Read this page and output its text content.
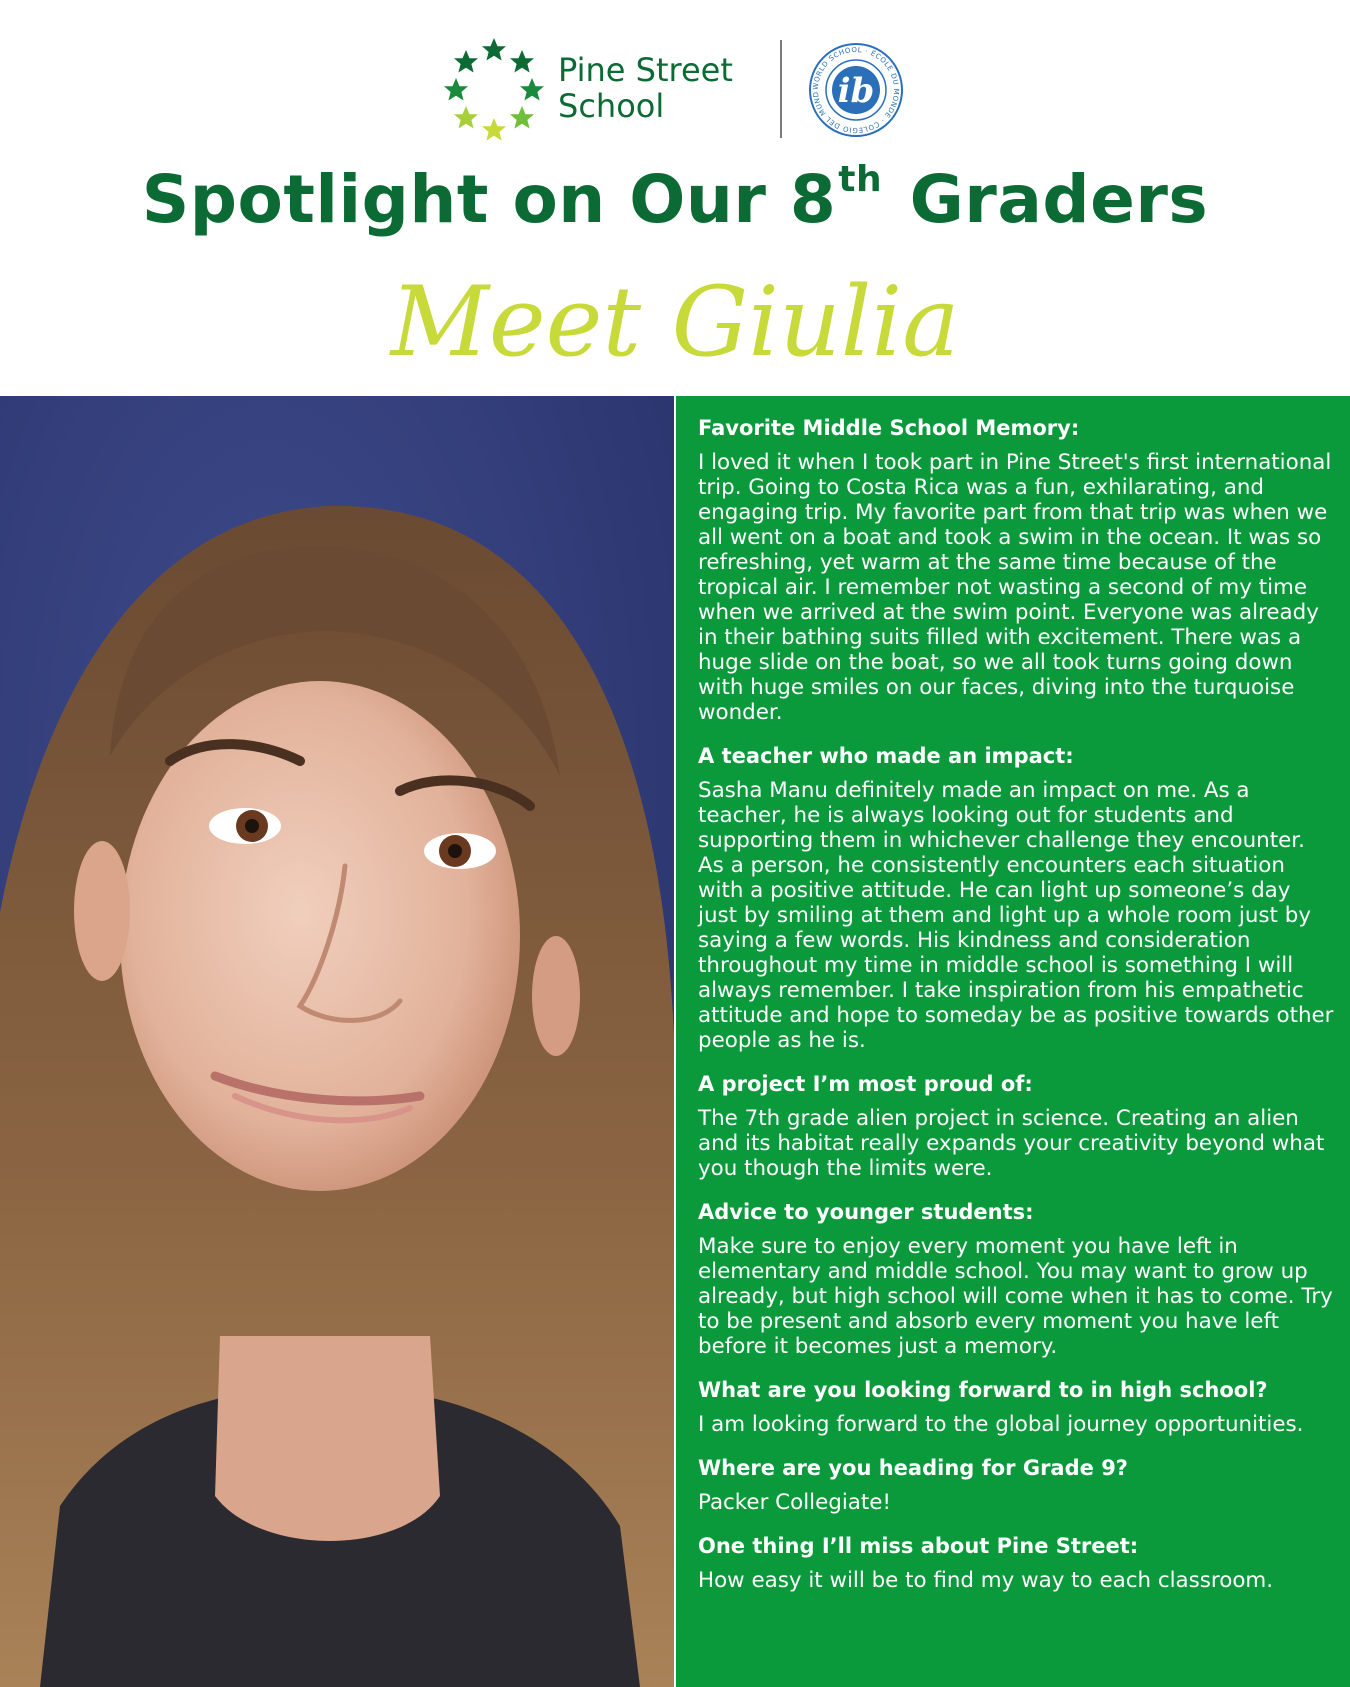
Pine Street
School
WORLD SCHOOL · ÉCOLE DU MONDE · COLEGIO DEL MUND ib
Spotlight on Our 8th Graders
Meet Giulia
Favorite Middle School Memory:

I loved it when I took part in Pine Street's first international trip. Going to Costa Rica was a fun, exhilarating, and engaging trip. My favorite part from that trip was when we all went on a boat and took a swim in the ocean. It was so refreshing, yet warm at the same time because of the tropical air. I remember not wasting a second of my time when we arrived at the swim point. Everyone was already in their bathing suits filled with excitement. There was a huge slide on the boat, so we all took turns going down with huge smiles on our faces, diving into the turquoise wonder.

A teacher who made an impact:

Sasha Manu definitely made an impact on me. As a teacher, he is always looking out for students and supporting them in whichever challenge they encounter. As a person, he consistently encounters each situation with a positive attitude. He can light up someone’s day just by smiling at them and light up a whole room just by saying a few words. His kindness and consideration throughout my time in middle school is something I will always remember. I take inspiration from his empathetic attitude and hope to someday be as positive towards other people as he is.

A project I’m most proud of:

The 7th grade alien project in science. Creating an alien and its habitat really expands your creativity beyond what you though the limits were.

Advice to younger students:

Make sure to enjoy every moment you have left in elementary and middle school. You may want to grow up already, but high school will come when it has to come. Try to be present and absorb every moment you have left before it becomes just a memory.

What are you looking forward to in high school?

I am looking forward to the global journey opportunities.

Where are you heading for Grade 9?

Packer Collegiate!

One thing I’ll miss about Pine Street:

How easy it will be to find my way to each classroom.
